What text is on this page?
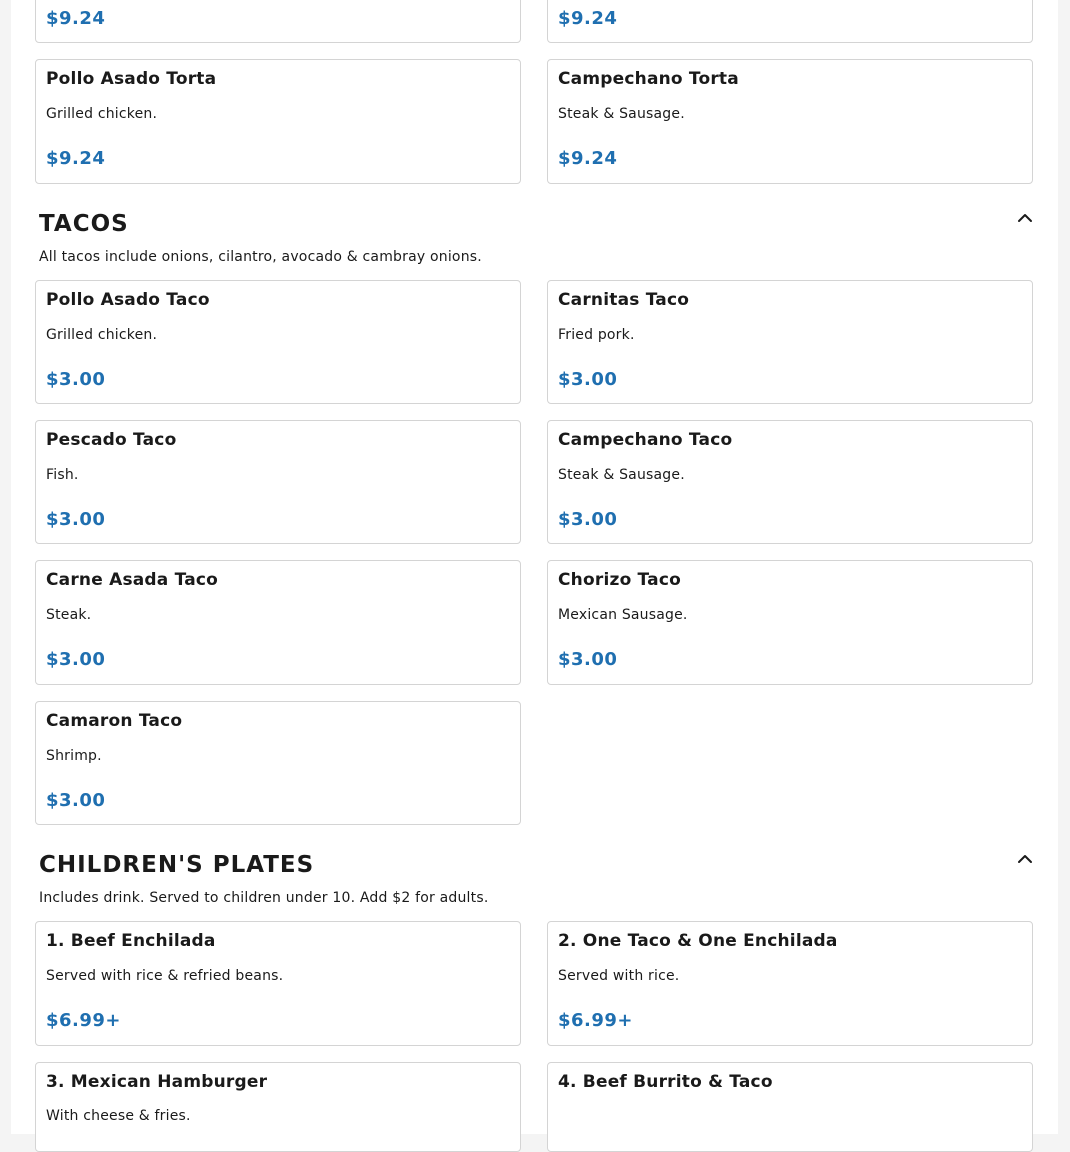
$9.24	$9.24
Pollo Asado Torta
Grilled chicken.
$9.24
Campechano Torta
Steak & Sausage.
$9.24
TACOS
All tacos include onions, cilantro, avocado & cambray onions.
Pollo Asado Taco
Grilled chicken.
$3.00
Carnitas Taco
Fried pork.
$3.00
Pescado Taco
Fish.
$3.00
Campechano Taco
Steak & Sausage.
$3.00
Carne Asada Taco
Steak.
$3.00
Chorizo Taco
Mexican Sausage.
$3.00
Camaron Taco
Shrimp.
$3.00
CHILDREN'S PLATES
Includes drink. Served to children under 10. Add $2 for adults.
1. Beef Enchilada
Served with rice & refried beans.
$6.99+
2. One Taco & One Enchilada
Served with rice.
$6.99+
3. Mexican Hamburger
With cheese & fries.
4. Beef Burrito & Taco
